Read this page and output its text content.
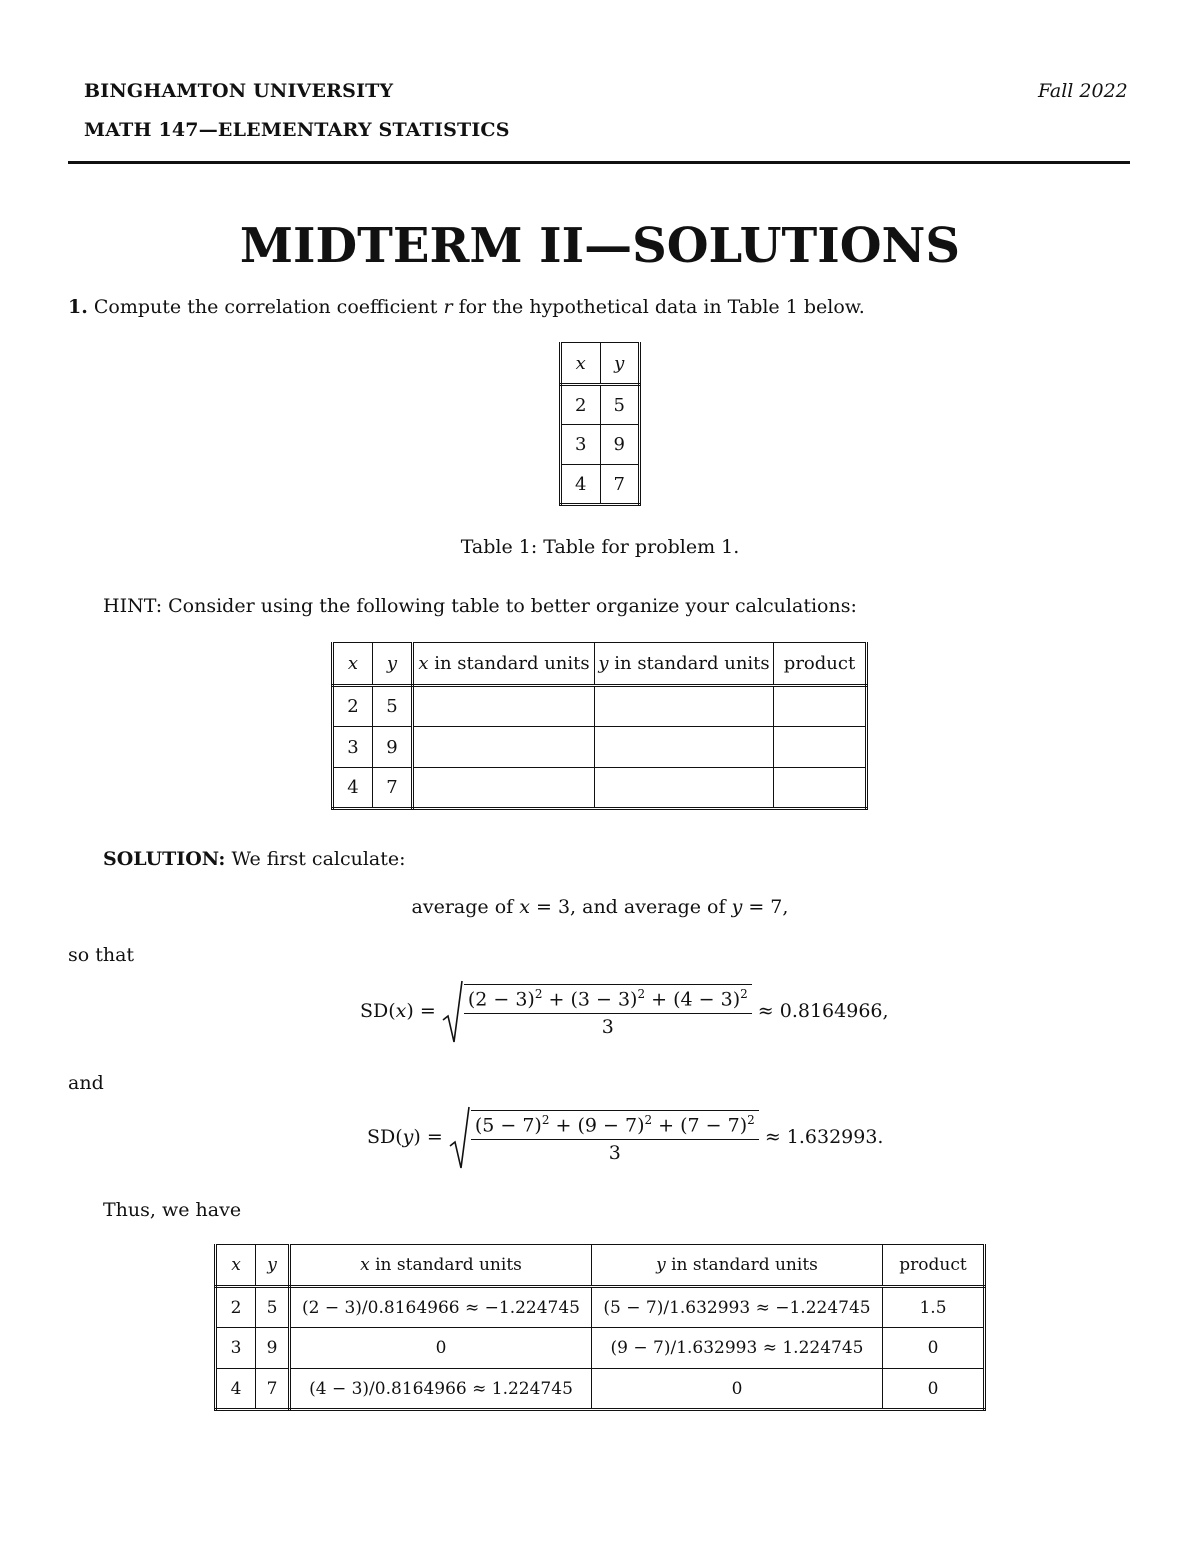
BINGHAMTON UNIVERSITY
MATH 147—ELEMENTARY STATISTICS
Fall 2022
MIDTERM II—SOLUTIONS
1. Compute the correlation coefficient r for the hypothetical data in Table 1 below.
x	y
2	5
3	9
4	7
Table 1: Table for problem 1.
HINT: Consider using the following table to better organize your calculations:
x	y	x in standard units	y in standard units	product
2	5			
3	9			
4	7			
SOLUTION: We first calculate:
average of x = 3, and average of y = 7,
so that
$SD(x) = \frac{(2 - 3)^2 + (3 - 3)^2 + (4 - 3)^2}{3} \approx 0.8164966$,
and
$SD(y) = \frac{(5 - 7)^2 + (9 - 7)^2 + (7 - 7)^2}{3} \approx 1.632993$.
Thus, we have
x	y	x in standard units	y in standard units	product
2	5	(2 − 3)/0.8164966 ≈ −1.224745	(5 − 7)/1.632993 ≈ −1.224745	1.5
3	9	0	(9 − 7)/1.632993 ≈ 1.224745	0
4	7	(4 − 3)/0.8164966 ≈ 1.224745	0	0
